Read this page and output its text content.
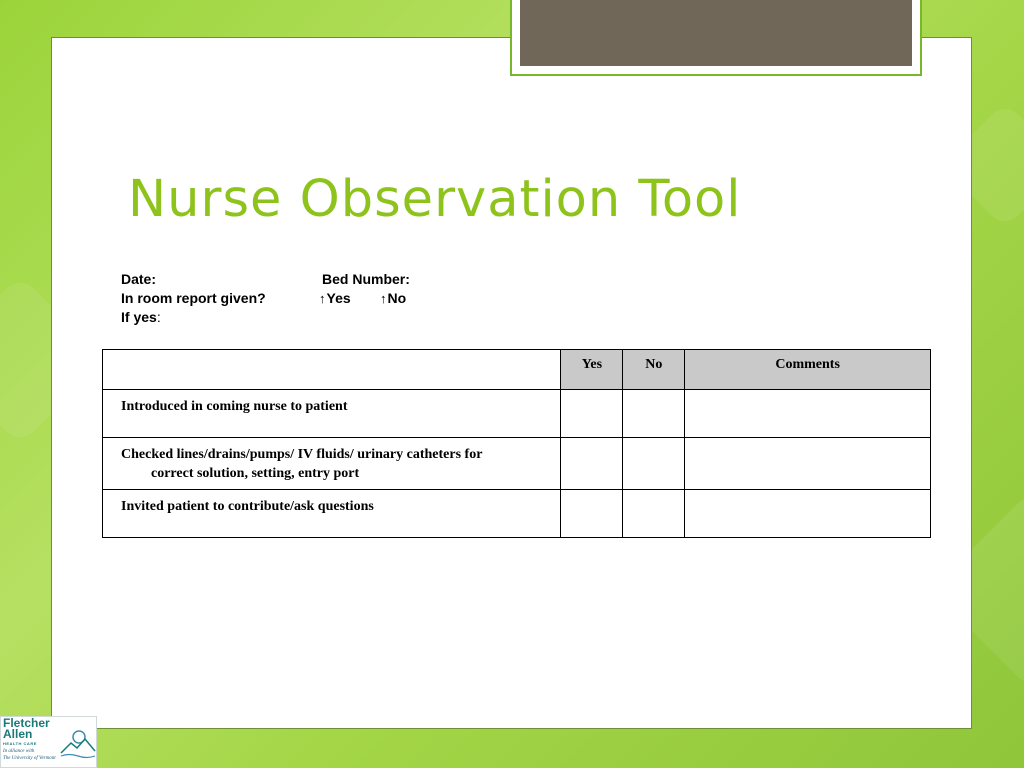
Nurse Observation Tool
Date:	Bed Number:
In room report given?	↑Yes ↑No
If yes:
	Yes	No	Comments
Introduced in coming nurse to patient			
Checked lines/drains/pumps/ IV fluids/ urinary catheters for
correct solution, setting, entry port			

Invited patient to contribute/ask questions			
Fletcher
Allen
HEALTH CARE
In alliance with
The University of Vermont
